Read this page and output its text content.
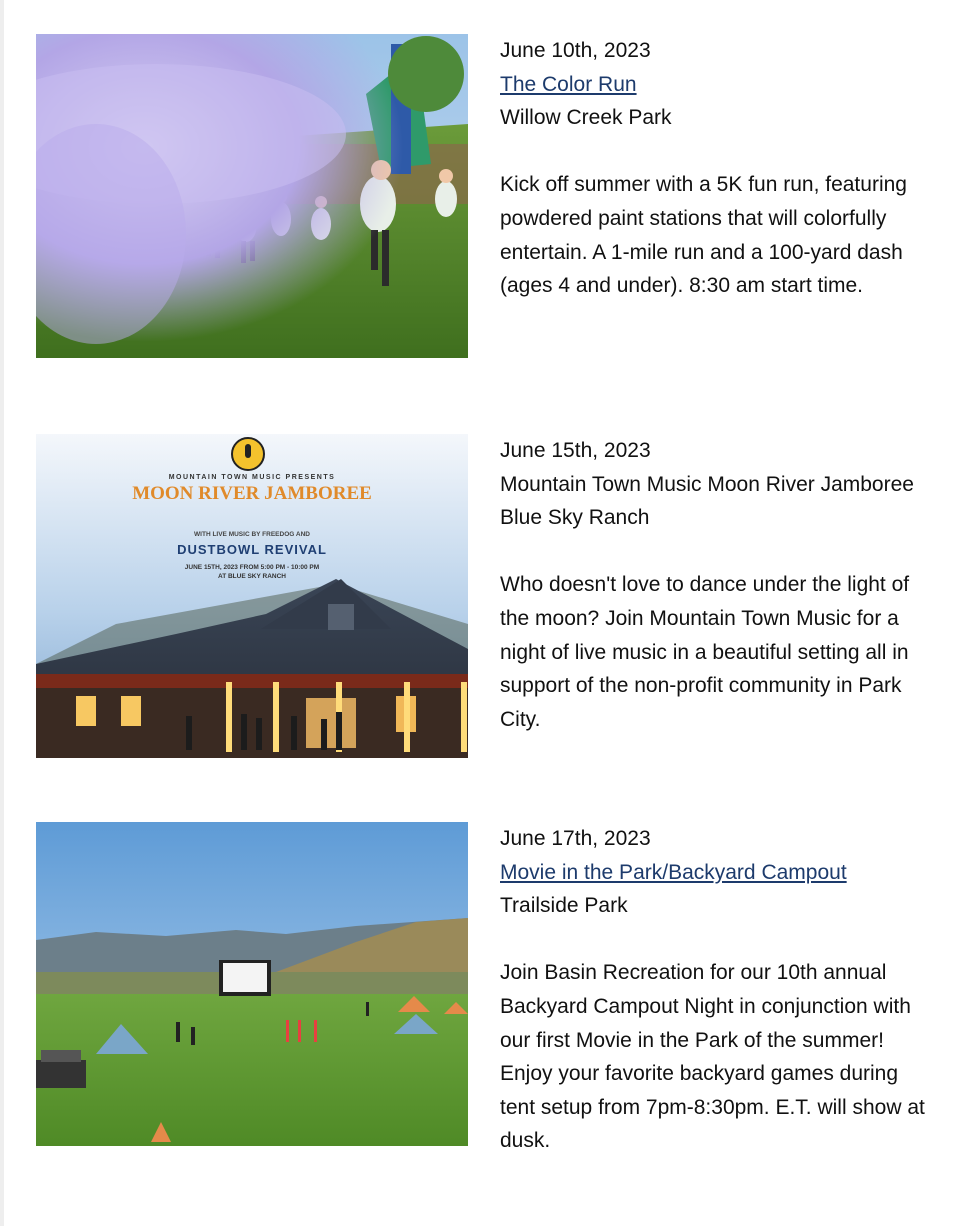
June 10th, 2023
The Color Run
Willow Creek Park
Kick off summer with a 5K fun run, featuring powdered paint stations that will colorfully entertain. A 1-mile run and a 100-yard dash (ages 4 and under). 8:30 am start time.
MOUNTAIN TOWN MUSIC PRESENTS
MOON RIVER JAMBOREE
WITH LIVE MUSIC BY FREEDOG AND
DUSTBOWL REVIVAL
JUNE 15TH, 2023 FROM 5:00 PM - 10:00 PM
AT BLUE SKY RANCH
June 15th, 2023
Mountain Town Music Moon River Jamboree
Blue Sky Ranch
Who doesn't love to dance under the light of the moon? Join Mountain Town Music for a night of live music in a beautiful setting all in support of the non-profit community in Park City.
June 17th, 2023
Movie in the Park/Backyard Campout
Trailside Park
Join Basin Recreation for our 10th annual Backyard Campout Night in conjunction with our first Movie in the Park of the summer! Enjoy your favorite backyard games during tent setup from 7pm-8:30pm. E.T. will show at dusk.
